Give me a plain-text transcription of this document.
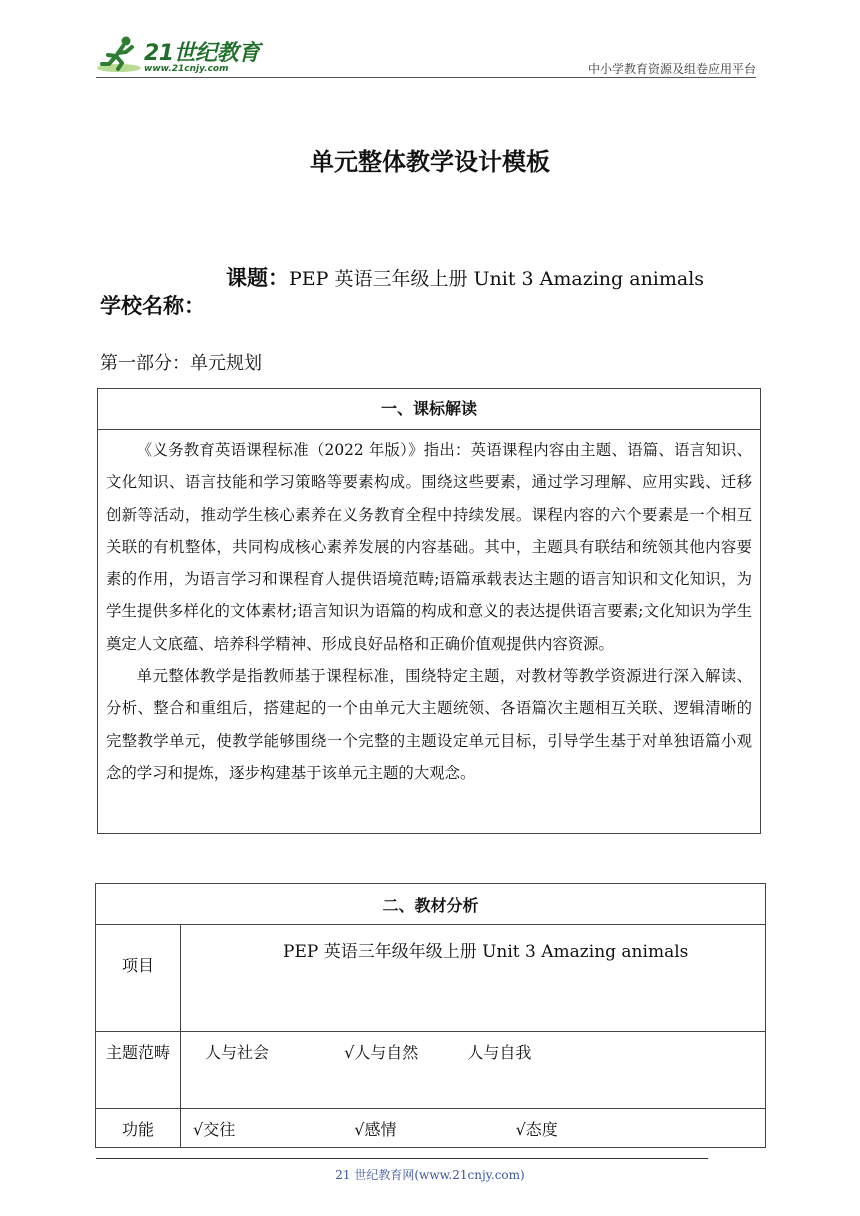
21世纪教育
www.21cnjy.com	中小学教育资源及组卷应用平台
单元整体教学设计模板
课题：PEP 英语三年级上册 Unit 3 Amazing animals
学校名称：
第一部分：单元规划
一、课标解读

《义务教育英语课程标准（2022 年版）》指出：英语课程内容由主题、语篇、语言知识、文化知识、语言技能和学习策略等要素构成。围绕这些要素，通过学习理解、应用实践、迁移创新等活动，推动学生核心素养在义务教育全程中持续发展。课程内容的六个要素是一个相互关联的有机整体，共同构成核心素养发展的内容基础。其中，主题具有联结和统领其他内容要素的作用，为语言学习和课程育人提供语境范畴;语篇承载表达主题的语言知识和文化知识，为学生提供多样化的文体素材;语言知识为语篇的构成和意义的表达提供语言要素;文化知识为学生奠定人文底蕴、培养科学精神、形成良好品格和正确价值观提供内容资源。

单元整体教学是指教师基于课程标准，围绕特定主题，对教材等教学资源进行深入解读、分析、整合和重组后，搭建起的一个由单元大主题统领、各语篇次主题相互关联、逻辑清晰的完整教学单元，使教学能够围绕一个完整的主题设定单元目标，引导学生基于对单独语篇小观念的学习和提炼，逐步构建基于该单元主题的大观念。

二、教材分析	
项目	PEP 英语三年级年级上册 Unit 3 Amazing animals
主题范畴	人与社会 √人与自然 人与自我
功能	√交往 √感情 √态度
21 世纪教育网(www.21cnjy.com)
